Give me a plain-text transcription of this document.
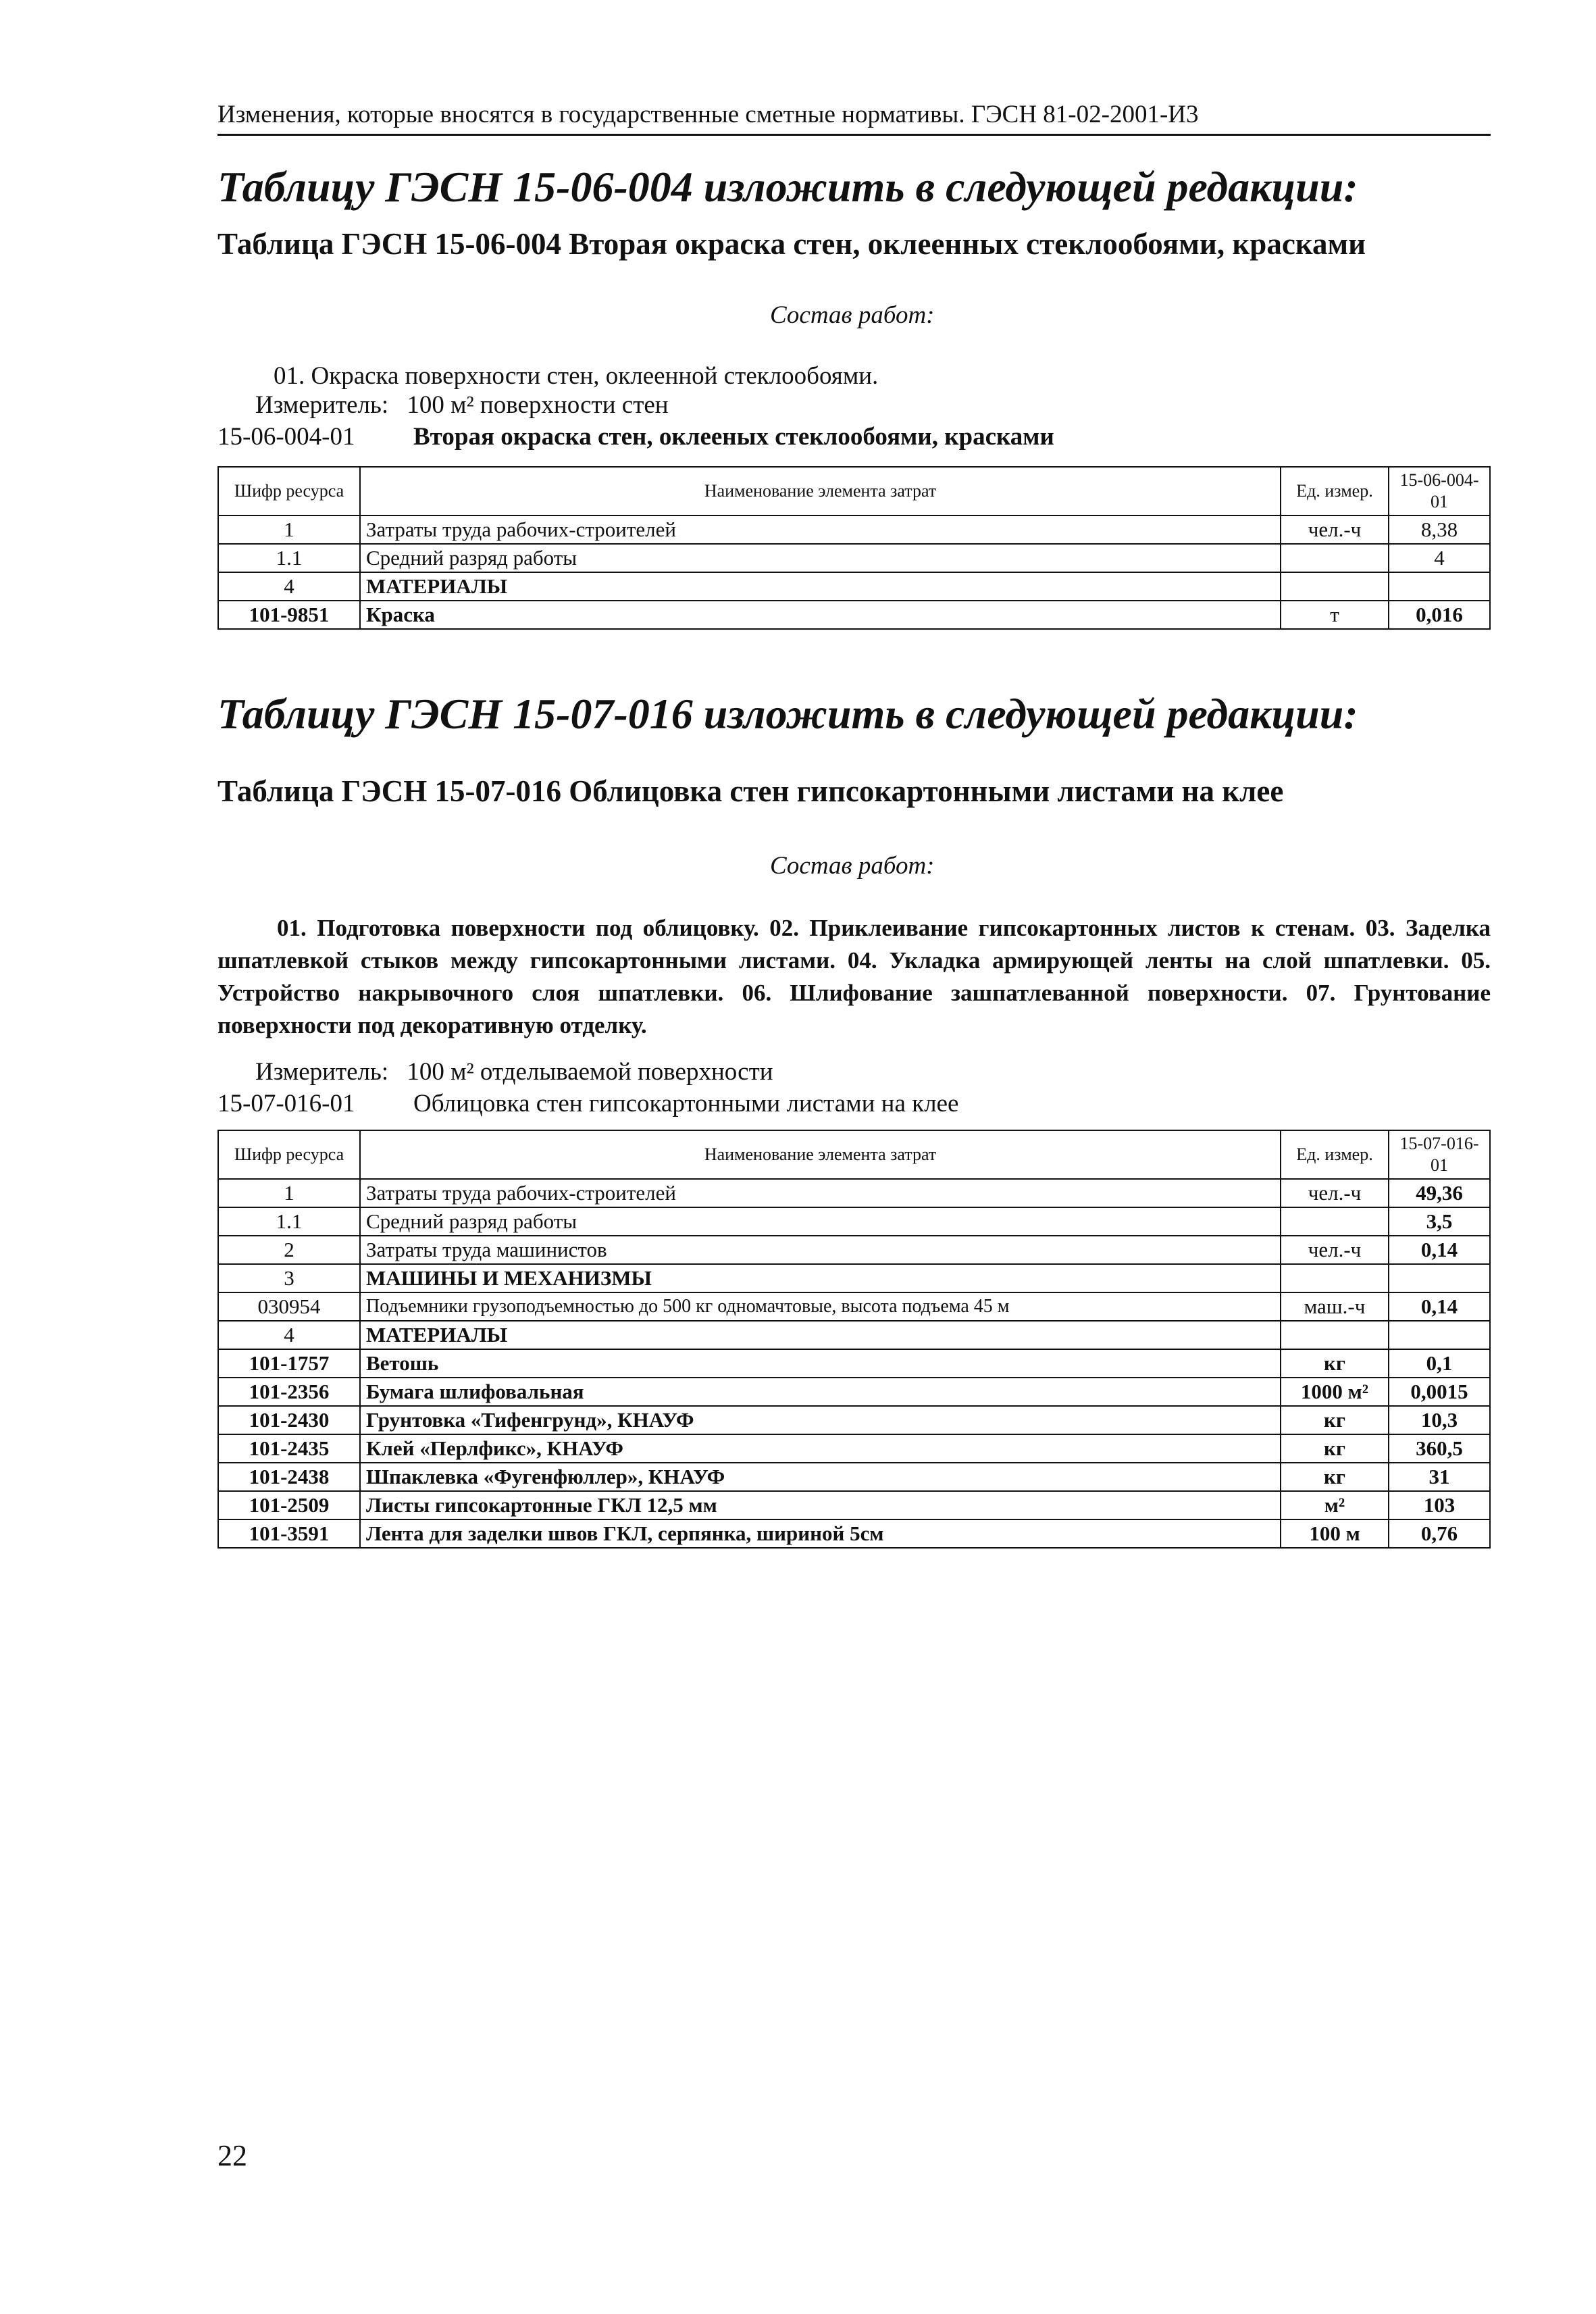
Изменения, которые вносятся в государственные сметные нормативы. ГЭСН 81-02-2001-И3
Таблицу ГЭСН 15-06-004 изложить в следующей редакции:
Таблица ГЭСН 15-06-004 Вторая окраска стен, оклеенных стеклообоями, красками
Состав работ:
01. Окраска поверхности стен, оклеенной стеклообоями.
Измеритель: 100 м² поверхности стен
15-06-004-01 Вторая окраска стен, оклееных стеклообоями, красками
Шифр ресурса	Наименование элемента затрат	Ед. измер.	15-06-004-01
1	Затраты труда рабочих-строителей	чел.-ч	8,38
1.1	Средний разряд работы		4
4	МАТЕРИАЛЫ		
101-9851	Краска	т	0,016
Таблицу ГЭСН 15-07-016 изложить в следующей редакции:
Таблица ГЭСН 15-07-016 Облицовка стен гипсокартонными листами на клее
Состав работ:
01. Подготовка поверхности под облицовку. 02. Приклеивание гипсокартонных листов к стенам. 03. Заделка шпатлевкой стыков между гипсокартонными листами. 04. Укладка армирующей ленты на слой шпатлевки. 05. Устройство накрывочного слоя шпатлевки. 06. Шлифование зашпатлеванной поверхности. 07. Грунтование поверхности под декоративную отделку.
Измеритель: 100 м² отделываемой поверхности
15-07-016-01 Облицовка стен гипсокартонными листами на клее
Шифр ресурса	Наименование элемента затрат	Ед. измер.	15-07-016-01
1	Затраты труда рабочих-строителей	чел.-ч	49,36
1.1	Средний разряд работы		3,5
2	Затраты труда машинистов	чел.-ч	0,14
3	МАШИНЫ И МЕХАНИЗМЫ		
030954	Подъемники грузоподъемностью до 500 кг одномачтовые, высота подъема 45 м	маш.-ч	0,14
4	МАТЕРИАЛЫ		
101-1757	Ветошь	кг	0,1
101-2356	Бумага шлифовальная	1000 м²	0,0015
101-2430	Грунтовка «Тифенгрунд», КНАУФ	кг	10,3
101-2435	Клей «Перлфикс», КНАУФ	кг	360,5
101-2438	Шпаклевка «Фугенфюллер», КНАУФ	кг	31
101-2509	Листы гипсокартонные ГКЛ 12,5 мм	м²	103
101-3591	Лента для заделки швов ГКЛ, серпянка, шириной 5см	100 м	0,76
22
